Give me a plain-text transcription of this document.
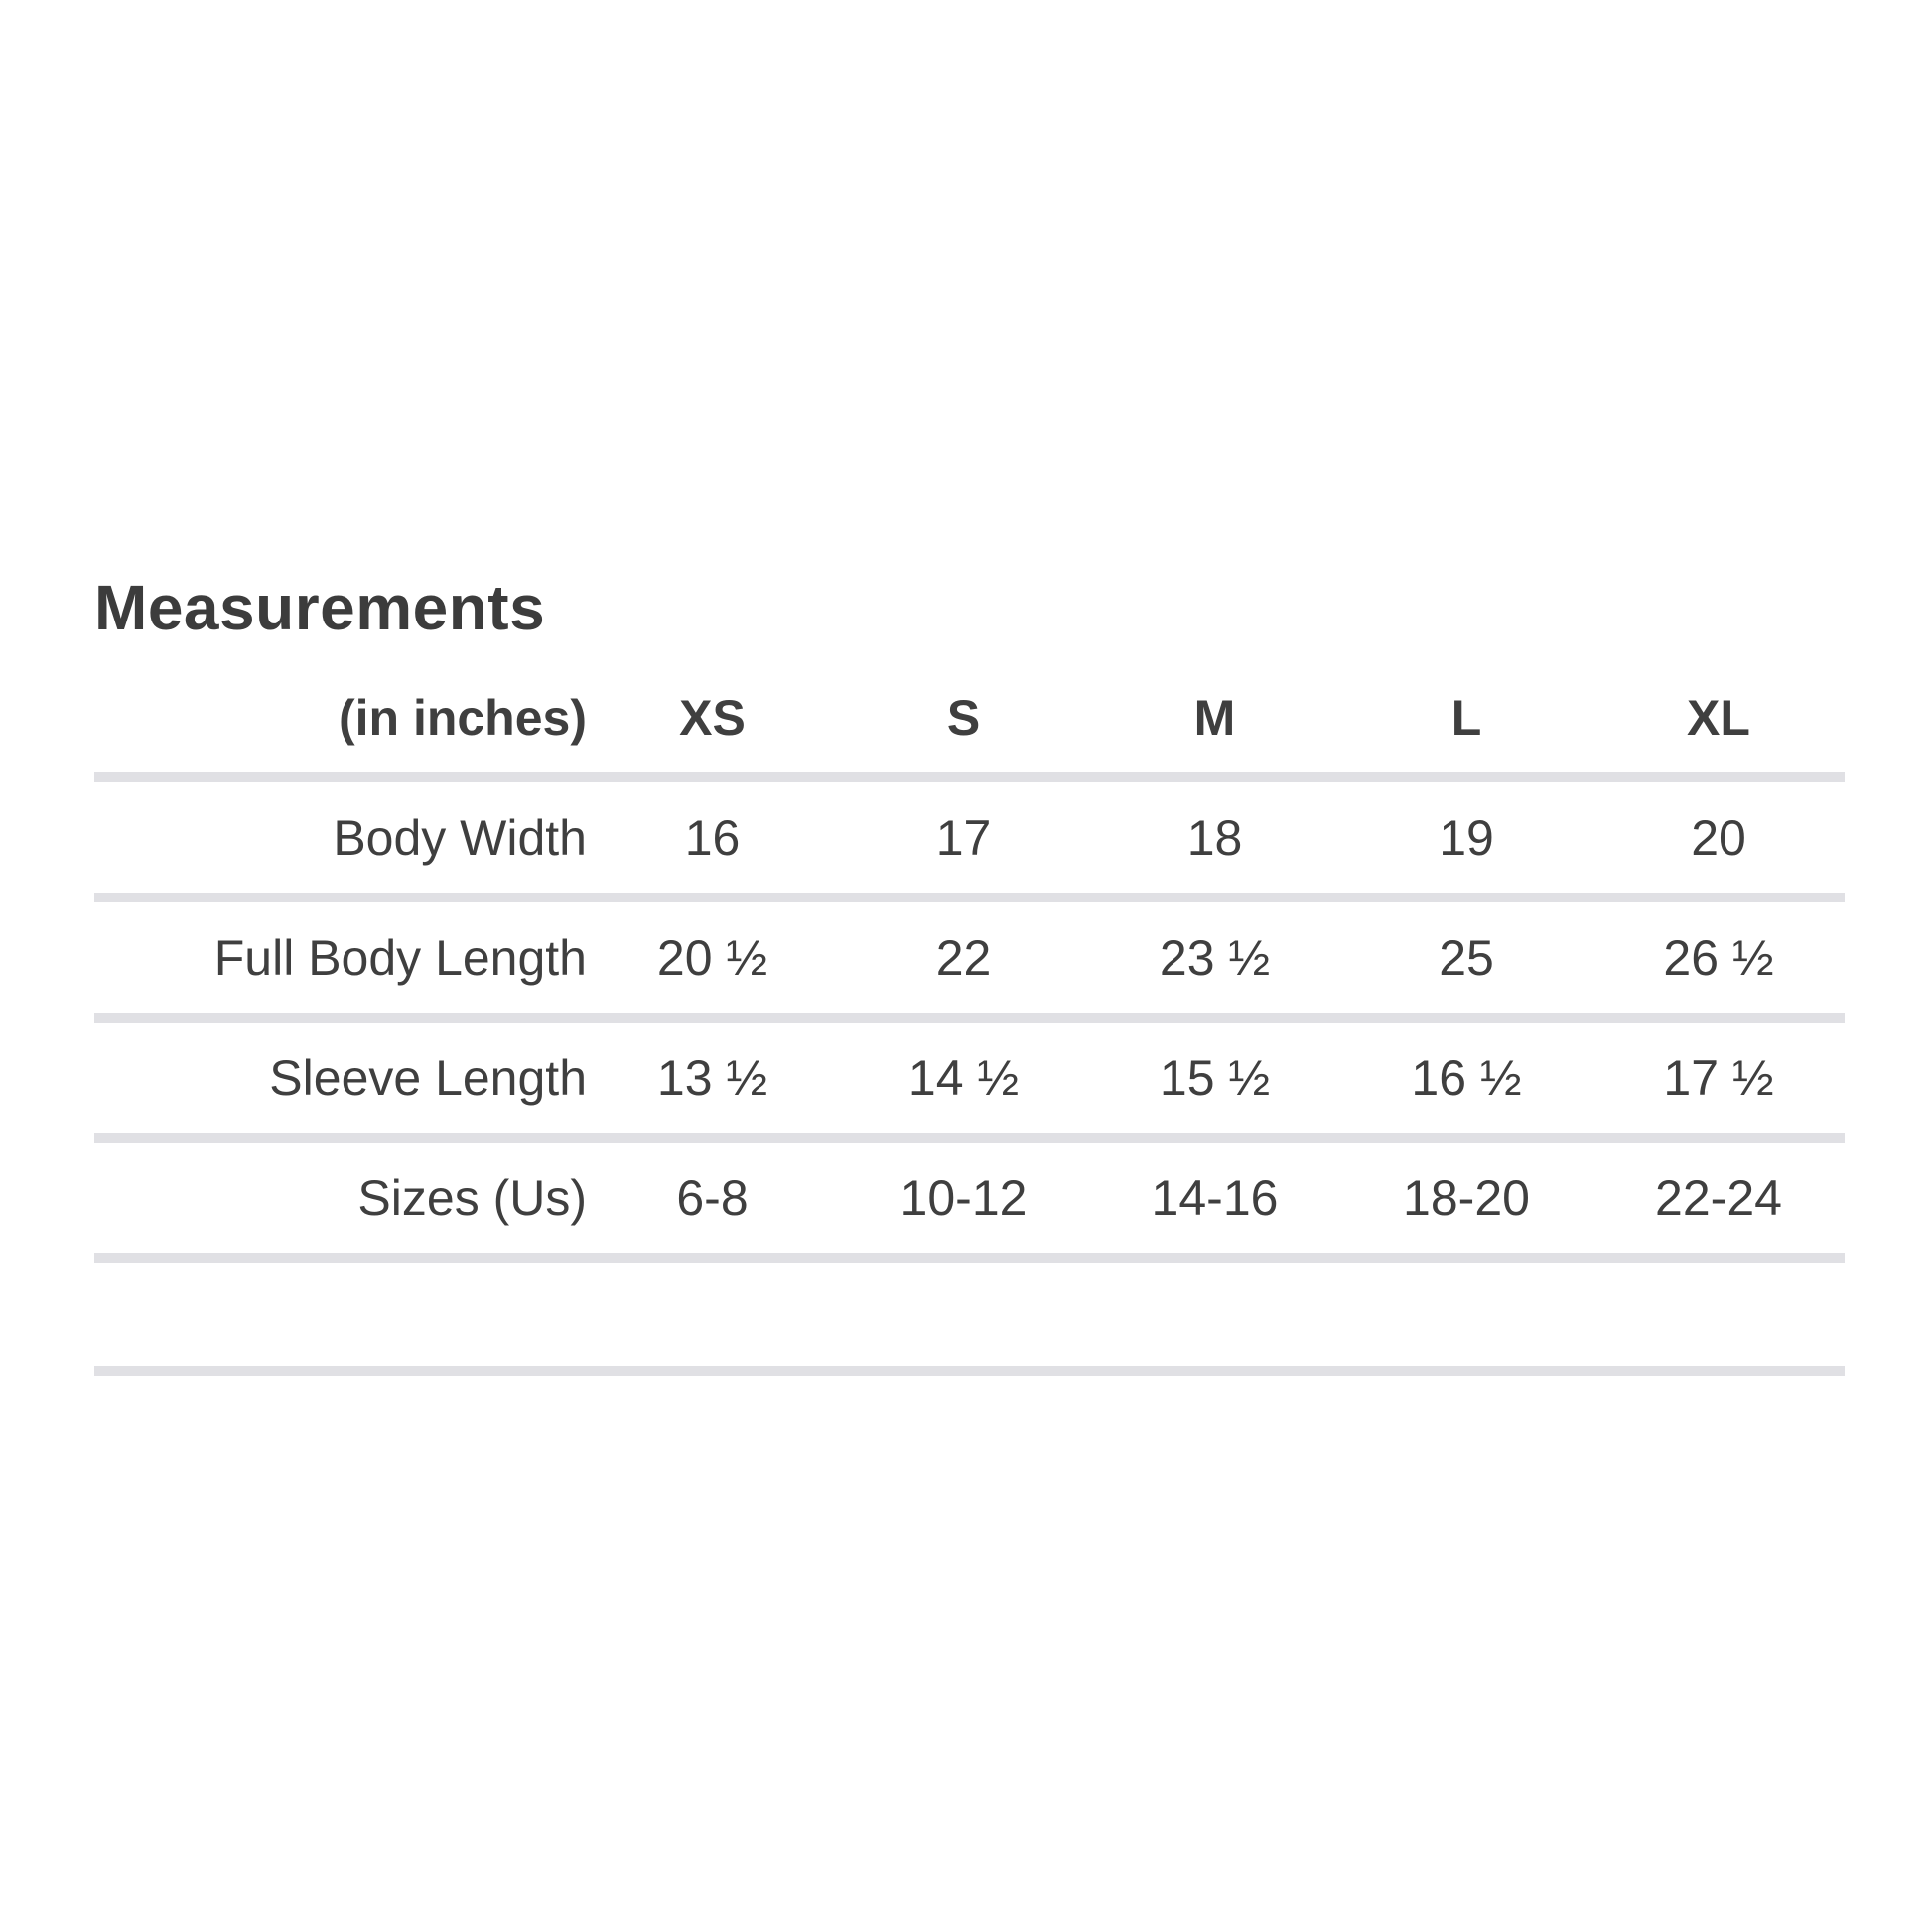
Measurements
(in inches)	XS	S	M	L	XL
Body Width	16	17	18	19	20
Full Body Length	20 ½	22	23 ½	25	26 ½
Sleeve Length	13 ½	14 ½	15 ½	16 ½	17 ½
Sizes (Us)	6-8	10-12	14-16	18-20	22-24
